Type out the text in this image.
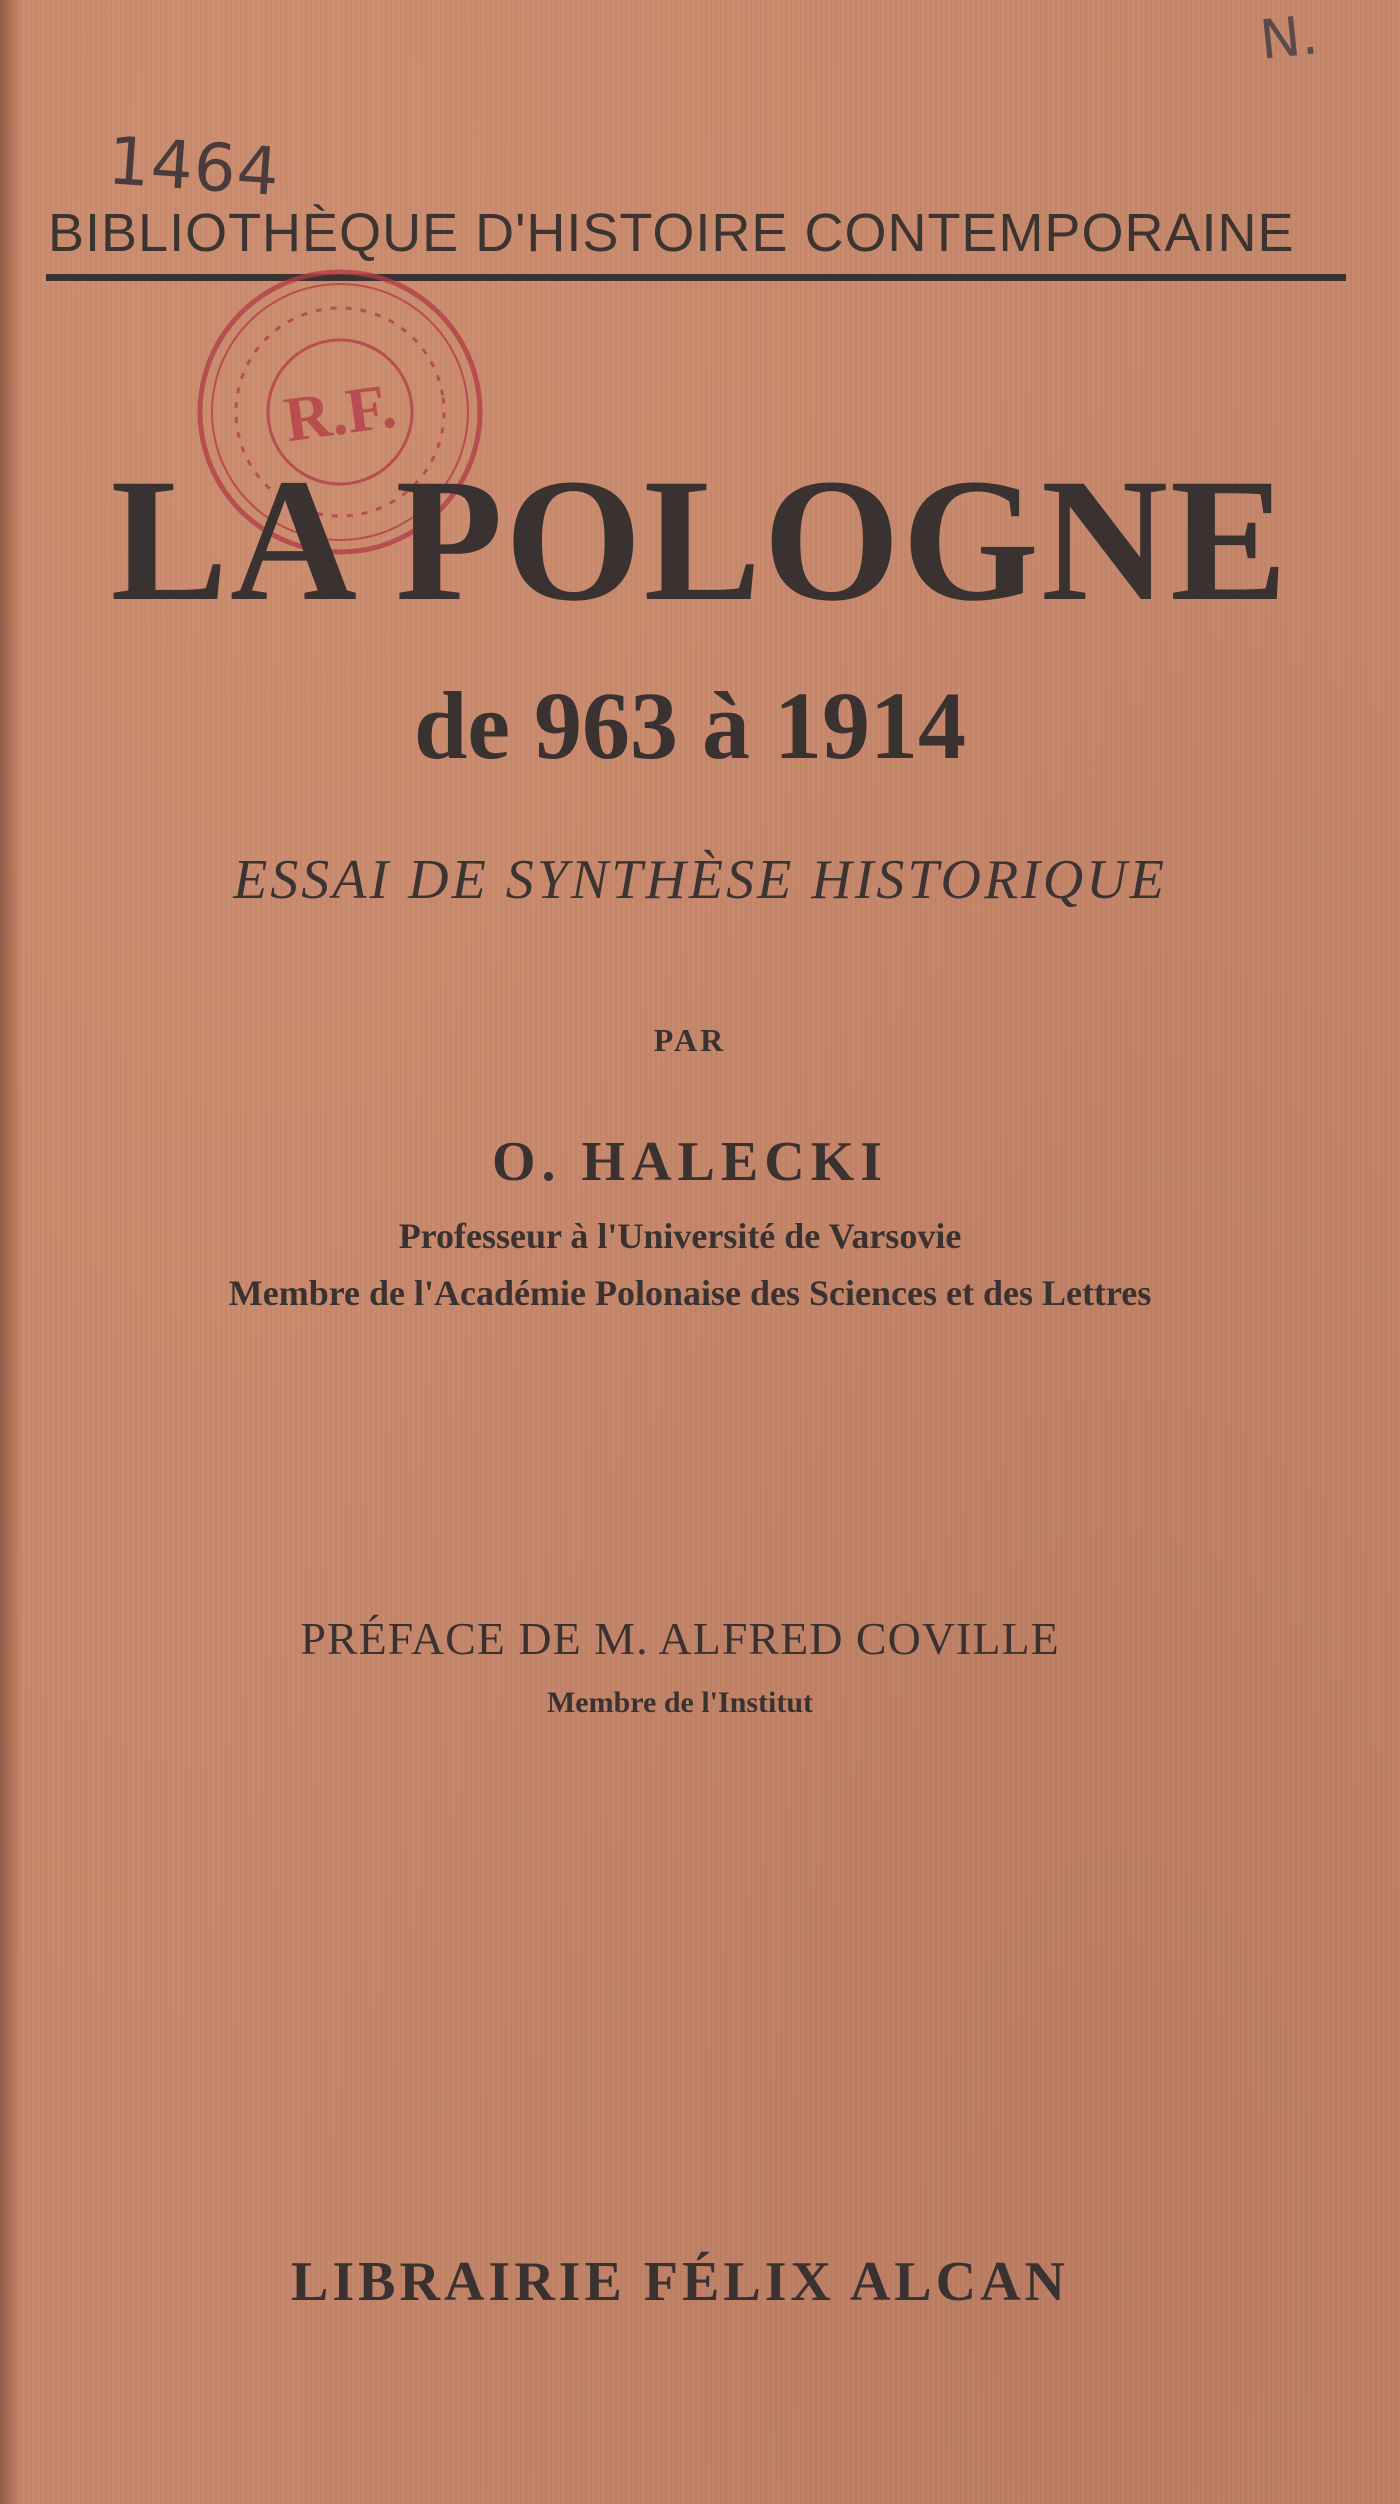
N.
1464
BIBLIOTHÈQUE D'HISTOIRE CONTEMPORAINE
R.F.
LA POLOGNE
de 963 à 1914
ESSAI DE SYNTHÈSE HISTORIQUE
PAR
O. HALECKI
Professeur à l'Université de Varsovie
Membre de l'Académie Polonaise des Sciences et des Lettres
PRÉFACE DE M. ALFRED COVILLE
Membre de l'Institut
LIBRAIRIE FÉLIX ALCAN
